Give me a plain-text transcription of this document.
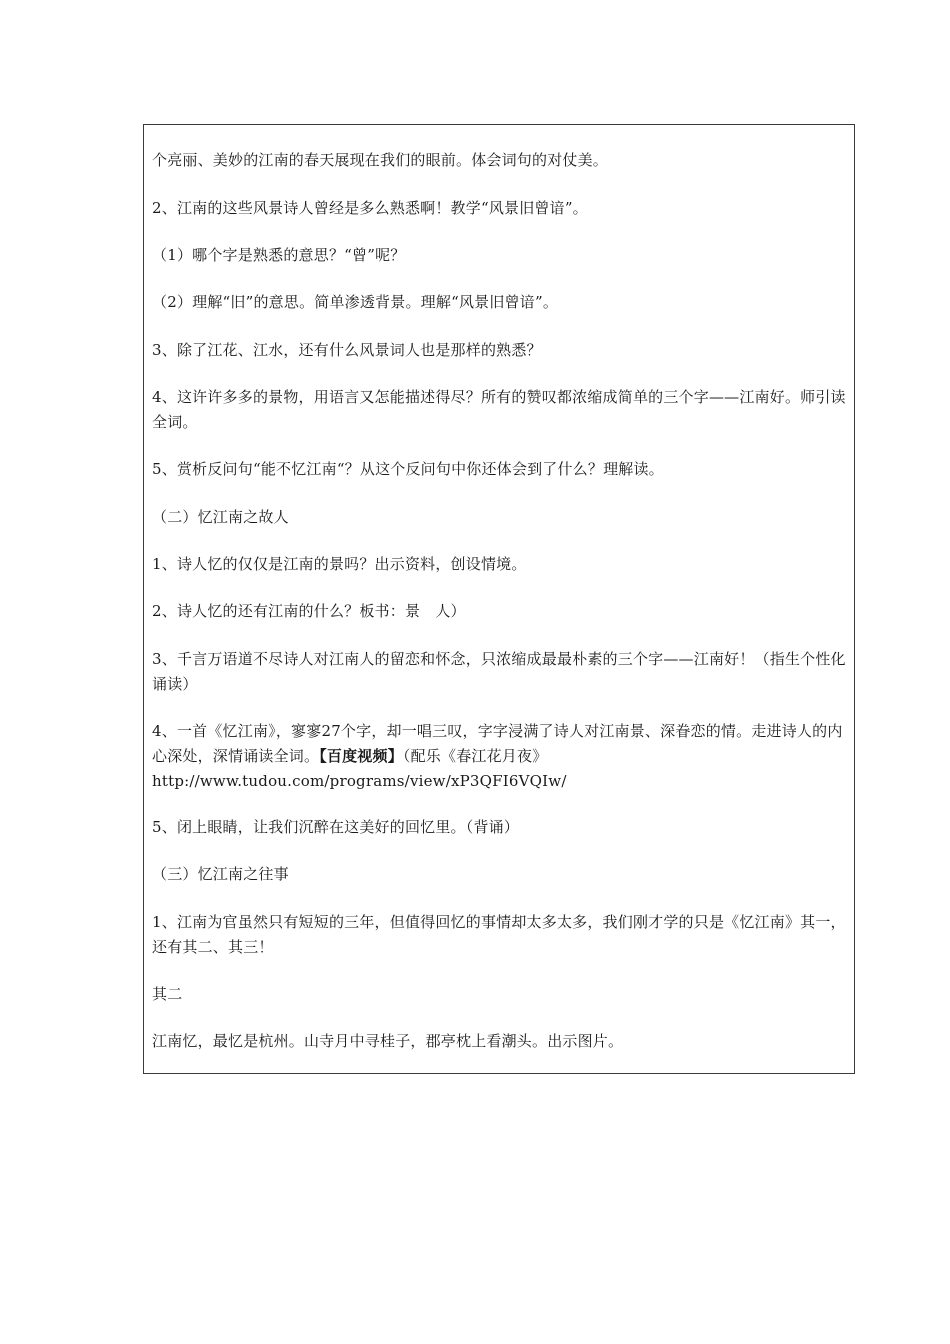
个亮丽、美妙的江南的春天展现在我们的眼前。体会词句的对仗美。

2、江南的这些风景诗人曾经是多么熟悉啊！教学“风景旧曾谙”。

（1）哪个字是熟悉的意思？“曾”呢？

（2）理解“旧”的意思。简单渗透背景。理解“风景旧曾谙”。

3、除了江花、江水，还有什么风景词人也是那样的熟悉？

4、这许许多多的景物，用语言又怎能描述得尽？所有的赞叹都浓缩成简单的三个字——江南好。师引读全词。

5、赏析反问句“能不忆江南“？从这个反问句中你还体会到了什么？理解读。

（二）忆江南之故人

1、诗人忆的仅仅是江南的景吗？出示资料，创设情境。

2、诗人忆的还有江南的什么？板书：景　人）

3、千言万语道不尽诗人对江南人的留恋和怀念，只浓缩成最最朴素的三个字——江南好！（指生个性化诵读）

4、一首《忆江南》，寥寥27个字，却一唱三叹，字字浸满了诗人对江南景、深眷恋的情。走进诗人的内心深处，深情诵读全词。【百度视频】（配乐《春江花月夜》http://www.tudou.com/programs/view/xP3QFI6VQIw/

5、闭上眼睛，让我们沉醉在这美好的回忆里。（背诵）

（三）忆江南之往事

1、江南为官虽然只有短短的三年，但值得回忆的事情却太多太多，我们刚才学的只是《忆江南》其一，还有其二、其三！

其二

江南忆，最忆是杭州。山寺月中寻桂子，郡亭枕上看潮头。出示图片。
